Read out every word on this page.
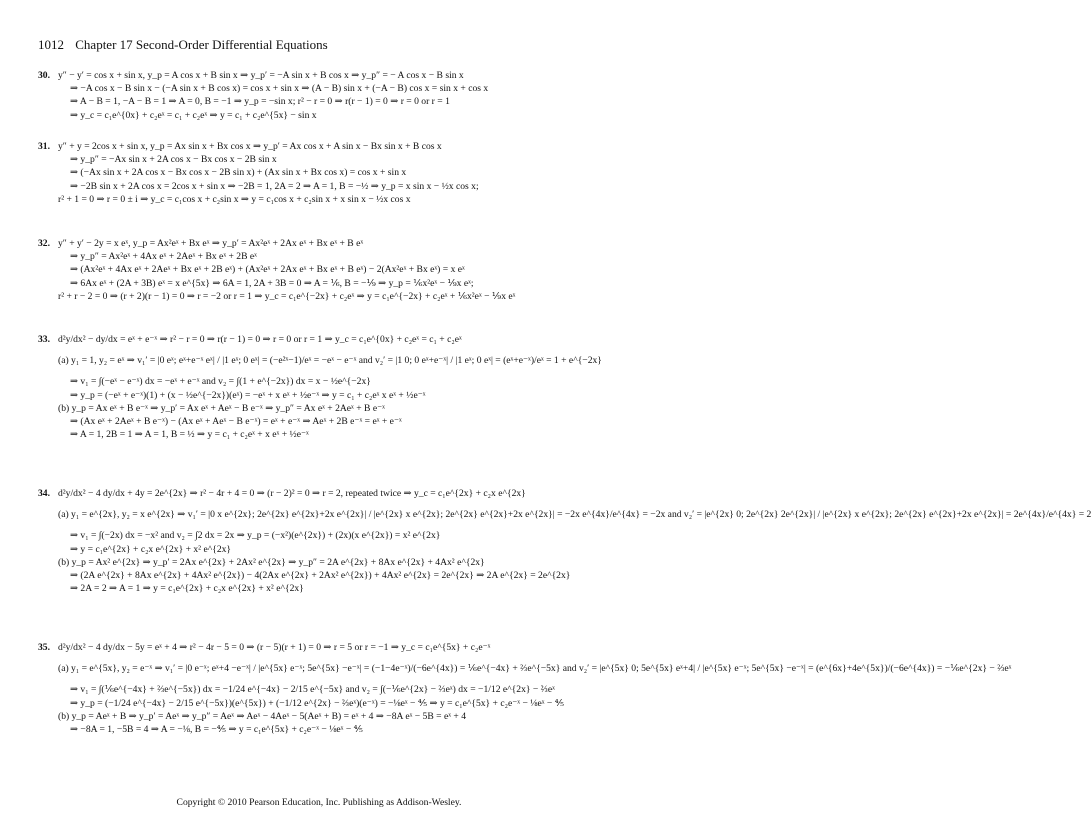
1012 Chapter 17 Second-Order Differential Equations
30. y″ − y′ = cos x + sin x, y_p = A cos x + B sin x ⇒ y_p′ = −A sin x + B cos x ⇒ y_p″ = − A cos x − B sin x
⇒ −A cos x − B sin x − (−A sin x + B cos x) = cos x + sin x ⇒ (A − B) sin x + (−A − B) cos x = sin x + cos x
⇒ A − B = 1, −A − B = 1 ⇒ A = 0, B = −1 ⇒ y_p = −sin x; r² − r = 0 ⇒ r(r − 1) = 0 ⇒ r = 0 or r = 1
⇒ y_c = c₁e^{0x} + c₂eˣ = c₁ + c₂eˣ ⇒ y = c₁ + c₂e^{5x} − sin x
31. y″ + y = 2cos x + sin x, y_p = Ax sin x + Bx cos x ⇒ y_p′ = Ax cos x + A sin x − Bx sin x + B cos x
⇒ y_p″ = −Ax sin x + 2A cos x − Bx cos x − 2B sin x
⇒ (−Ax sin x + 2A cos x − Bx cos x − 2B sin x) + (Ax sin x + Bx cos x) = cos x + sin x
⇒ −2B sin x + 2A cos x = 2cos x + sin x ⇒ −2B = 1, 2A = 2 ⇒ A = 1, B = −½ ⇒ y_p = x sin x − ½x cos x;
r² + 1 = 0 ⇒ r = 0 ± i ⇒ y_c = c₁cos x + c₂sin x ⇒ y = c₁cos x + c₂sin x + x sin x − ½x cos x
32. y″ + y′ − 2y = x eˣ, y_p = Ax²eˣ + Bx eˣ ⇒ y_p′ = Ax²eˣ + 2Ax eˣ + Bx eˣ + B eˣ
⇒ y_p″ = Ax²eˣ + 4Ax eˣ + 2Aeˣ + Bx eˣ + 2B eˣ
⇒ (Ax²eˣ + 4Ax eˣ + 2Aeˣ + Bx eˣ + 2B eˣ) + (Ax²eˣ + 2Ax eˣ + Bx eˣ + B eˣ) − 2(Ax²eˣ + Bx eˣ) = x eˣ
⇒ 6Ax eˣ + (2A + 3B) eˣ = x e^{5x} ⇒ 6A = 1, 2A + 3B = 0 ⇒ A = ⅙, B = −⅑ ⇒ y_p = ⅙x²eˣ − ⅑x eˣ;
r² + r − 2 = 0 ⇒ (r + 2)(r − 1) = 0 ⇒ r = −2 or r = 1 ⇒ y_c = c₁e^{−2x} + c₂eˣ ⇒ y = c₁e^{−2x} + c₂eˣ + ⅙x²eˣ − ⅑x eˣ
33. d²y/dx² − dy/dx = eˣ + e⁻ˣ ⇒ r² − r = 0 ⇒ r(r − 1) = 0 ⇒ r = 0 or r = 1 ⇒ y_c = c₁e^{0x} + c₂eˣ = c₁ + c₂eˣ
(a) y₁ = 1, y₂ = eˣ ⇒ v₁′ = |0 eˣ; eˣ+e⁻ˣ eˣ| / |1 eˣ; 0 eˣ| = (−e²ˣ−1)/eˣ = −eˣ − e⁻ˣ and v₂′ = |1 0; 0 eˣ+e⁻ˣ| / |1 eˣ; 0 eˣ| = (eˣ+e⁻ˣ)/eˣ = 1 + e^{−2x}
⇒ v₁ = ∫(−eˣ − e⁻ˣ) dx = −eˣ + e⁻ˣ and v₂ = ∫(1 + e^{−2x}) dx = x − ½e^{−2x}
⇒ y_p = (−eˣ + e⁻ˣ)(1) + (x − ½e^{−2x})(eˣ) = −eˣ + x eˣ + ½e⁻ˣ ⇒ y = c₁ + c₂eˣ x eˣ + ½e⁻ˣ
(b) y_p = Ax eˣ + B e⁻ˣ ⇒ y_p′ = Ax eˣ + Aeˣ − B e⁻ˣ ⇒ y_p″ = Ax eˣ + 2Aeˣ + B e⁻ˣ
⇒ (Ax eˣ + 2Aeˣ + B e⁻ˣ) − (Ax eˣ + Aeˣ − B e⁻ˣ) = eˣ + e⁻ˣ ⇒ Aeˣ + 2B e⁻ˣ = eˣ + e⁻ˣ
⇒ A = 1, 2B = 1 ⇒ A = 1, B = ½ ⇒ y = c₁ + c₂eˣ + x eˣ + ½e⁻ˣ
34. d²y/dx² − 4 dy/dx + 4y = 2e^{2x} ⇒ r² − 4r + 4 = 0 ⇒ (r − 2)² = 0 ⇒ r = 2, repeated twice ⇒ y_c = c₁e^{2x} + c₂x e^{2x}
(a) y₁ = e^{2x}, y₂ = x e^{2x} ⇒ v₁′ = |0 x e^{2x}; 2e^{2x} e^{2x}+2x e^{2x}| / |e^{2x} x e^{2x}; 2e^{2x} e^{2x}+2x e^{2x}| = −2x e^{4x}/e^{4x} = −2x and v₂′ = |e^{2x} 0; 2e^{2x} 2e^{2x}| / |e^{2x} x e^{2x}; 2e^{2x} e^{2x}+2x e^{2x}| = 2e^{4x}/e^{4x} = 2
⇒ v₁ = ∫(−2x) dx = −x² and v₂ = ∫2 dx = 2x ⇒ y_p = (−x²)(e^{2x}) + (2x)(x e^{2x}) = x² e^{2x}
⇒ y = c₁e^{2x} + c₂x e^{2x} + x² e^{2x}
(b) y_p = Ax² e^{2x} ⇒ y_p′ = 2Ax e^{2x} + 2Ax² e^{2x} ⇒ y_p″ = 2A e^{2x} + 8Ax e^{2x} + 4Ax² e^{2x}
⇒ (2A e^{2x} + 8Ax e^{2x} + 4Ax² e^{2x}) − 4(2Ax e^{2x} + 2Ax² e^{2x}) + 4Ax² e^{2x} = 2e^{2x} ⇒ 2A e^{2x} = 2e^{2x}
⇒ 2A = 2 ⇒ A = 1 ⇒ y = c₁e^{2x} + c₂x e^{2x} + x² e^{2x}
35. d²y/dx² − 4 dy/dx − 5y = eˣ + 4 ⇒ r² − 4r − 5 = 0 ⇒ (r − 5)(r + 1) = 0 ⇒ r = 5 or r = −1 ⇒ y_c = c₁e^{5x} + c₂e⁻ˣ
(a) y₁ = e^{5x}, y₂ = e⁻ˣ ⇒ v₁′ = |0 e⁻ˣ; eˣ+4 −e⁻ˣ| / |e^{5x} e⁻ˣ; 5e^{5x} −e⁻ˣ| = (−1−4e⁻ˣ)/(−6e^{4x}) = ⅙e^{−4x} + ⅔e^{−5x} and v₂′ = |e^{5x} 0; 5e^{5x} eˣ+4| / |e^{5x} e⁻ˣ; 5e^{5x} −e⁻ˣ| = (e^{6x}+4e^{5x})/(−6e^{4x}) = −⅙e^{2x} − ⅔eˣ
⇒ v₁ = ∫(⅙e^{−4x} + ⅔e^{−5x}) dx = −1/24 e^{−4x} − 2/15 e^{−5x} and v₂ = ∫(−⅙e^{2x} − ⅔eˣ) dx = −1/12 e^{2x} − ⅔eˣ
⇒ y_p = (−1/24 e^{−4x} − 2/15 e^{−5x})(e^{5x}) + (−1/12 e^{2x} − ⅔eˣ)(e⁻ˣ) = −⅛eˣ − ⅘ ⇒ y = c₁e^{5x} + c₂e⁻ˣ − ⅛eˣ − ⅘
(b) y_p = Aeˣ + B ⇒ y_p′ = Aeˣ ⇒ y_p″ = Aeˣ ⇒ Aeˣ − 4Aeˣ − 5(Aeˣ + B) = eˣ + 4 ⇒ −8A eˣ − 5B = eˣ + 4
⇒ −8A = 1, −5B = 4 ⇒ A = −⅛, B = −⅘ ⇒ y = c₁e^{5x} + c₂e⁻ˣ − ⅛eˣ − ⅘
Copyright © 2010 Pearson Education, Inc. Publishing as Addison-Wesley.
